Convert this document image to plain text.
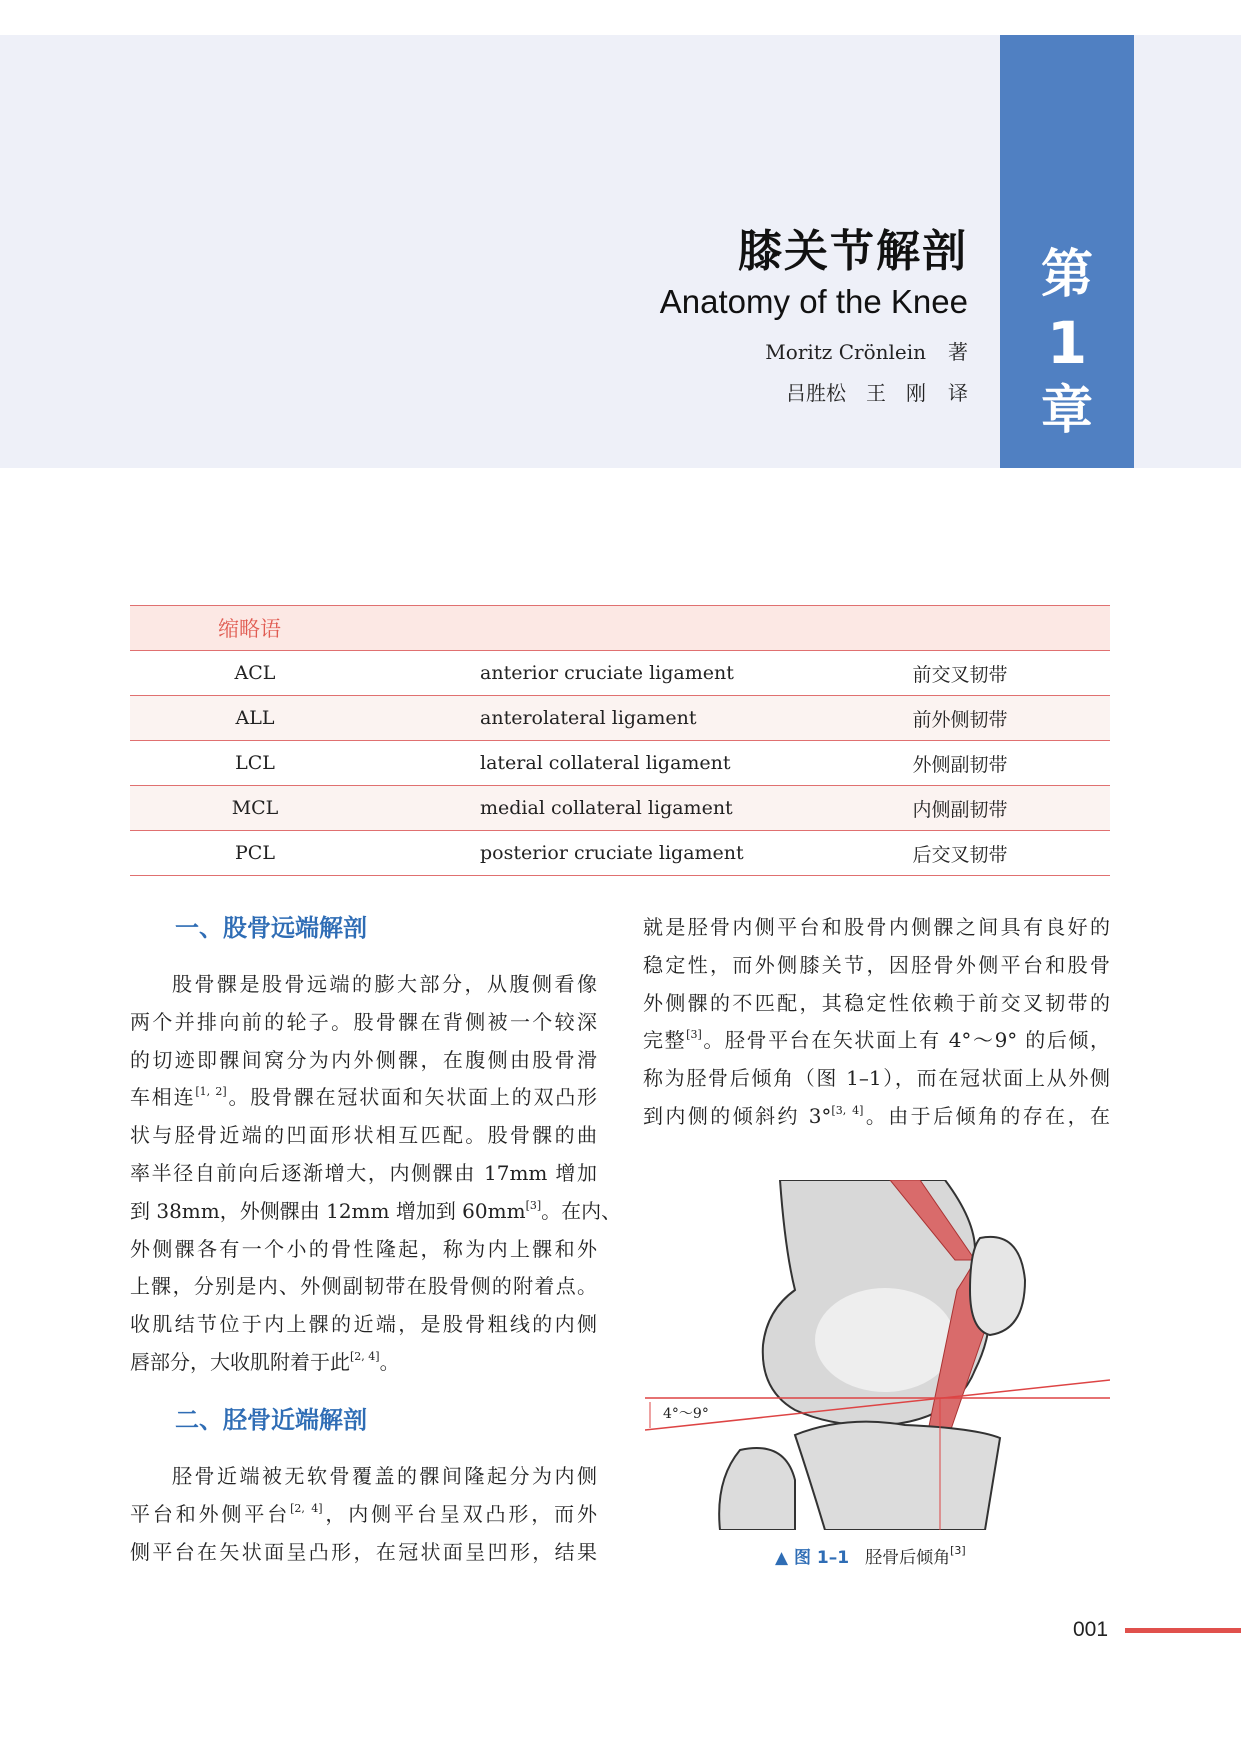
第
1
章
膝关节解剖
Anatomy of the Knee
Moritz Crönlein 著
吕胜松　王　刚 译
缩略语		
ACL	anterior cruciate ligament	前交叉韧带
ALL	anterolateral ligament	前外侧韧带
LCL	lateral collateral ligament	外侧副韧带
MCL	medial collateral ligament	内侧副韧带
PCL	posterior cruciate ligament	后交叉韧带
一、股骨远端解剖
股骨髁是股骨远端的膨大部分，从腹侧看像
两个并排向前的轮子。股骨髁在背侧被一个较深
的切迹即髁间窝分为内外侧髁，在腹侧由股骨滑
车相连[1, 2]。股骨髁在冠状面和矢状面上的双凸形
状与胫骨近端的凹面形状相互匹配。股骨髁的曲
率半径自前向后逐渐增大，内侧髁由 17mm 增加
到 38mm，外侧髁由 12mm 增加到 60mm[3]。在内、
外侧髁各有一个小的骨性隆起，称为内上髁和外
上髁，分别是内、外侧副韧带在股骨侧的附着点。
收肌结节位于内上髁的近端，是股骨粗线的内侧
唇部分，大收肌附着于此[2, 4]。
二、胫骨近端解剖
胫骨近端被无软骨覆盖的髁间隆起分为内侧
平台和外侧平台[2, 4]，内侧平台呈双凸形，而外
侧平台在矢状面呈凸形，在冠状面呈凹形，结果
就是胫骨内侧平台和股骨内侧髁之间具有良好的
稳定性，而外侧膝关节，因胫骨外侧平台和股骨
外侧髁的不匹配，其稳定性依赖于前交叉韧带的
完整[3]。胫骨平台在矢状面上有 4°～9° 的后倾，
称为胫骨后倾角（图 1–1），而在冠状面上从外侧
到内侧的倾斜约 3°[3, 4]。由于后倾角的存在，在
4°～9°
▲ 图 1–1 胫骨后倾角[3]
001
